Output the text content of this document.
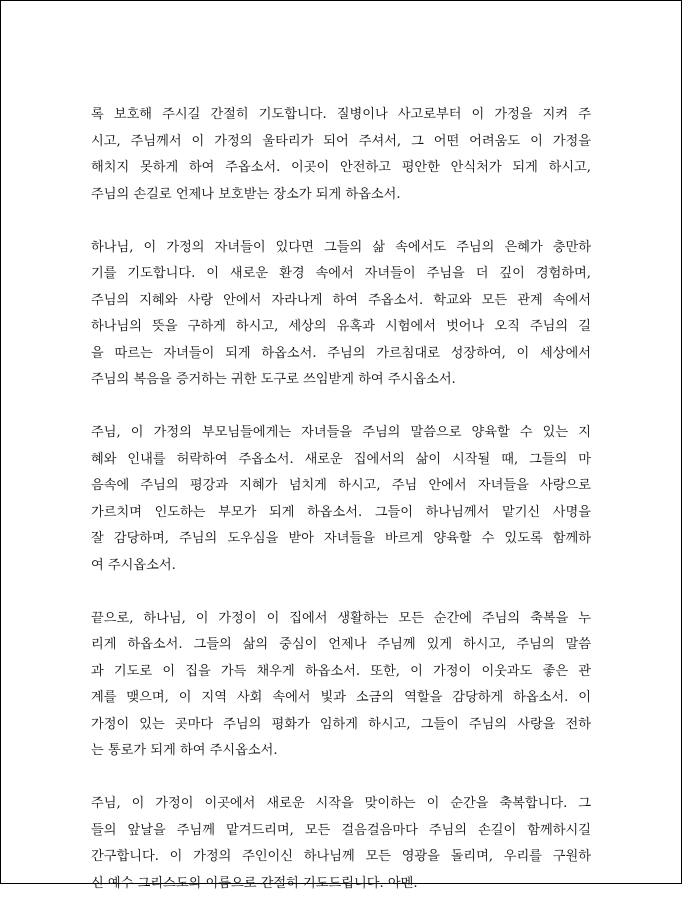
록 보호해 주시길 간절히 기도합니다. 질병이나 사고로부터 이 가정을 지켜 주
시고, 주님께서 이 가정의 울타리가 되어 주셔서, 그 어떤 어려움도 이 가정을
해치지 못하게 하여 주옵소서. 이곳이 안전하고 평안한 안식처가 되게 하시고,
주님의 손길로 언제나 보호받는 장소가 되게 하옵소서.
하나님, 이 가정의 자녀들이 있다면 그들의 삶 속에서도 주님의 은혜가 충만하
기를 기도합니다. 이 새로운 환경 속에서 자녀들이 주님을 더 깊이 경험하며,
주님의 지혜와 사랑 안에서 자라나게 하여 주옵소서. 학교와 모든 관계 속에서
하나님의 뜻을 구하게 하시고, 세상의 유혹과 시험에서 벗어나 오직 주님의 길
을 따르는 자녀들이 되게 하옵소서. 주님의 가르침대로 성장하여, 이 세상에서
주님의 복음을 증거하는 귀한 도구로 쓰임받게 하여 주시옵소서.
주님, 이 가정의 부모님들에게는 자녀들을 주님의 말씀으로 양육할 수 있는 지
혜와 인내를 허락하여 주옵소서. 새로운 집에서의 삶이 시작될 때, 그들의 마
음속에 주님의 평강과 지혜가 넘치게 하시고, 주님 안에서 자녀들을 사랑으로
가르치며 인도하는 부모가 되게 하옵소서. 그들이 하나님께서 맡기신 사명을
잘 감당하며, 주님의 도우심을 받아 자녀들을 바르게 양육할 수 있도록 함께하
여 주시옵소서.
끝으로, 하나님, 이 가정이 이 집에서 생활하는 모든 순간에 주님의 축복을 누
리게 하옵소서. 그들의 삶의 중심이 언제나 주님께 있게 하시고, 주님의 말씀
과 기도로 이 집을 가득 채우게 하옵소서. 또한, 이 가정이 이웃과도 좋은 관
계를 맺으며, 이 지역 사회 속에서 빛과 소금의 역할을 감당하게 하옵소서. 이
가정이 있는 곳마다 주님의 평화가 임하게 하시고, 그들이 주님의 사랑을 전하
는 통로가 되게 하여 주시옵소서.
주님, 이 가정이 이곳에서 새로운 시작을 맞이하는 이 순간을 축복합니다. 그
들의 앞날을 주님께 맡겨드리며, 모든 걸음걸음마다 주님의 손길이 함께하시길
간구합니다. 이 가정의 주인이신 하나님께 모든 영광을 돌리며, 우리를 구원하
신 예수 그리스도의 이름으로 간절히 기도드립니다. 아멘.
